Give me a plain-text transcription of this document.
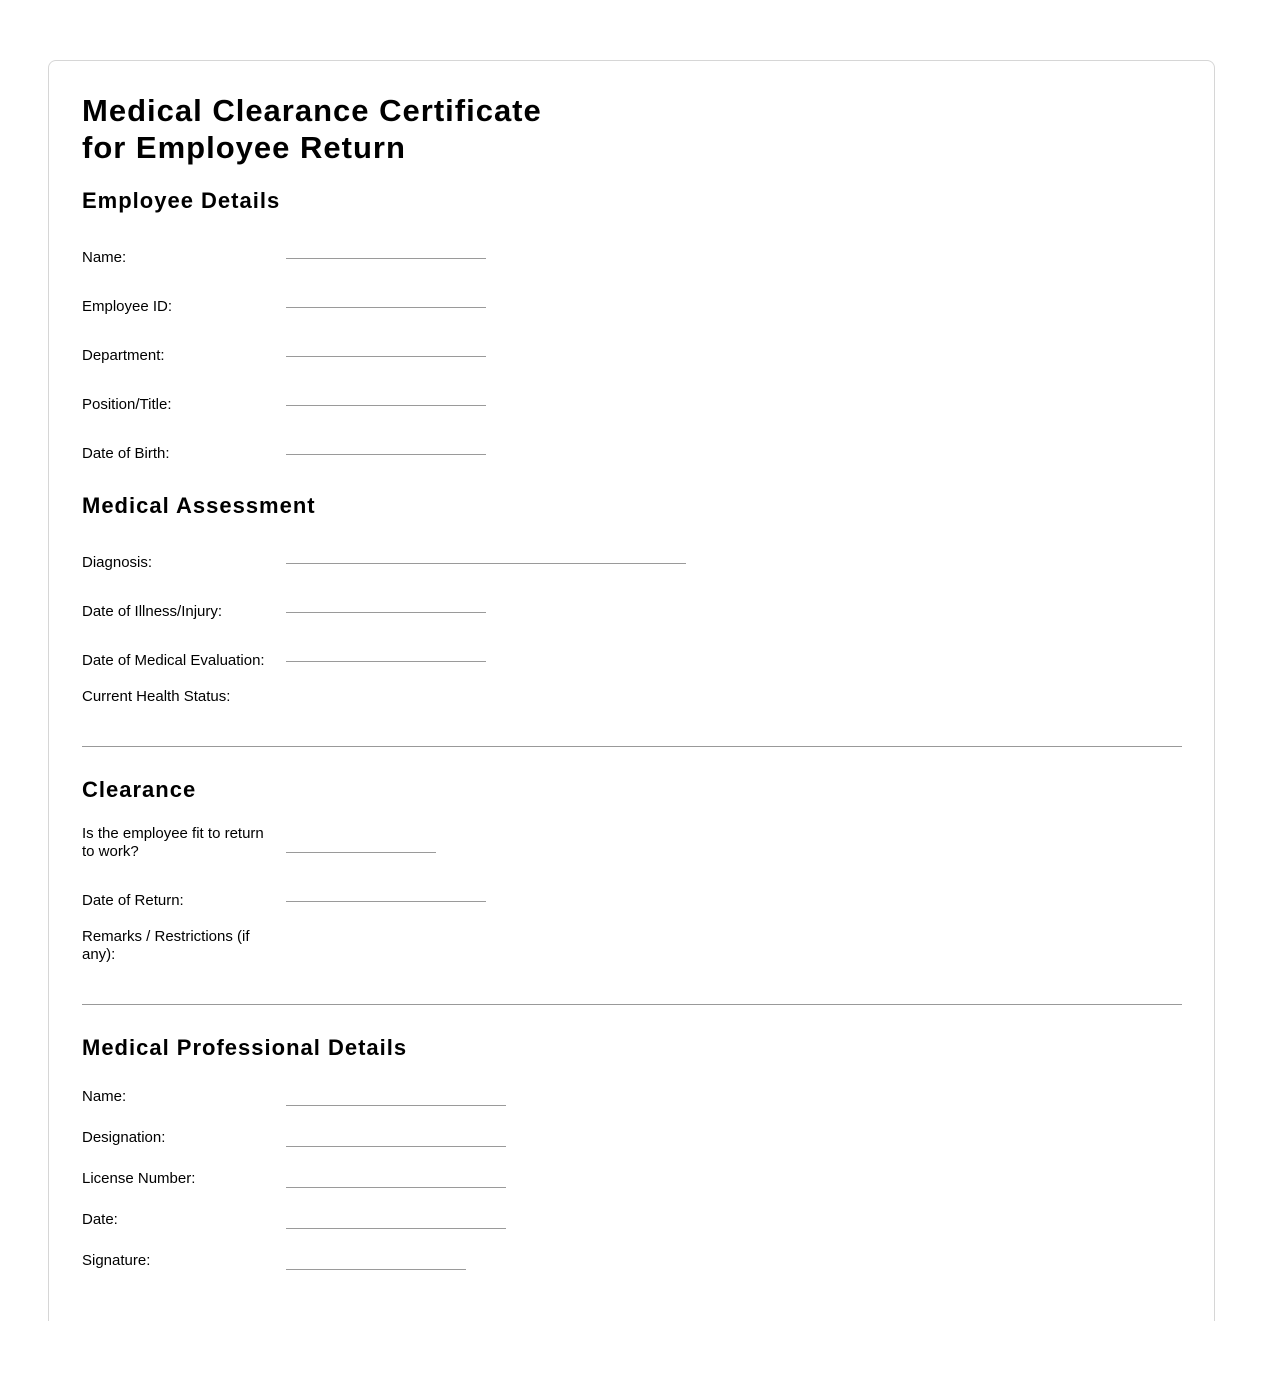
Medical Clearance Certificate
for Employee Return
Employee Details
Name:
Employee ID:
Department:
Position/Title:
Date of Birth:
Medical Assessment
Diagnosis:
Date of Illness/Injury:
Date of Medical Evaluation:
Current Health Status:
Clearance
Is the employee fit to return
to work?
Date of Return:
Remarks / Restrictions (if
any):
Medical Professional Details
Name:
Designation:
License Number:
Date:
Signature:
